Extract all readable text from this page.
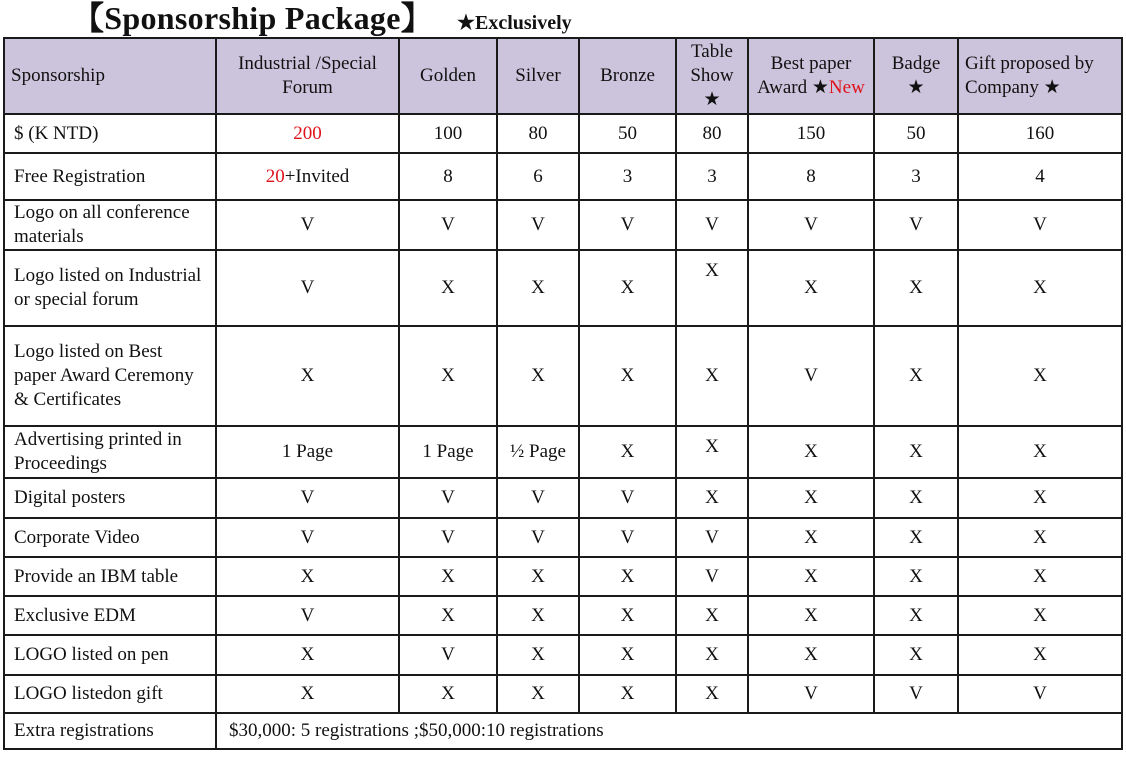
【Sponsorship Package】 ★Exclusively
Sponsorship	Industrial /Special Forum	Golden	Silver	Bronze	Table Show ★	Best paper Award ★New	Badge ★	Gift proposed by Company ★
$ (K NTD)	200	100	80	50	80	150	50	160
Free Registration	20+Invited	8	6	3	3	8	3	4
Logo on all conference materials	V	V	V	V	V	V	V	V
Logo listed on Industrial or special forum	V	X	X	X	X	X	X	X
Logo listed on Best paper Award Ceremony & Certificates	X	X	X	X	X	V	X	X
Advertising printed in Proceedings	1 Page	1 Page	½ Page	X	X	X	X	X
Digital posters	V	V	V	V	X	X	X	X
Corporate Video	V	V	V	V	V	X	X	X
Provide an IBM table	X	X	X	X	V	X	X	X
Exclusive EDM	V	X	X	X	X	X	X	X
LOGO listed on pen	X	V	X	X	X	X	X	X
LOGO listedon gift	X	X	X	X	X	V	V	V
Extra registrations	$30,000: 5 registrations ;$50,000:10 registrations							
